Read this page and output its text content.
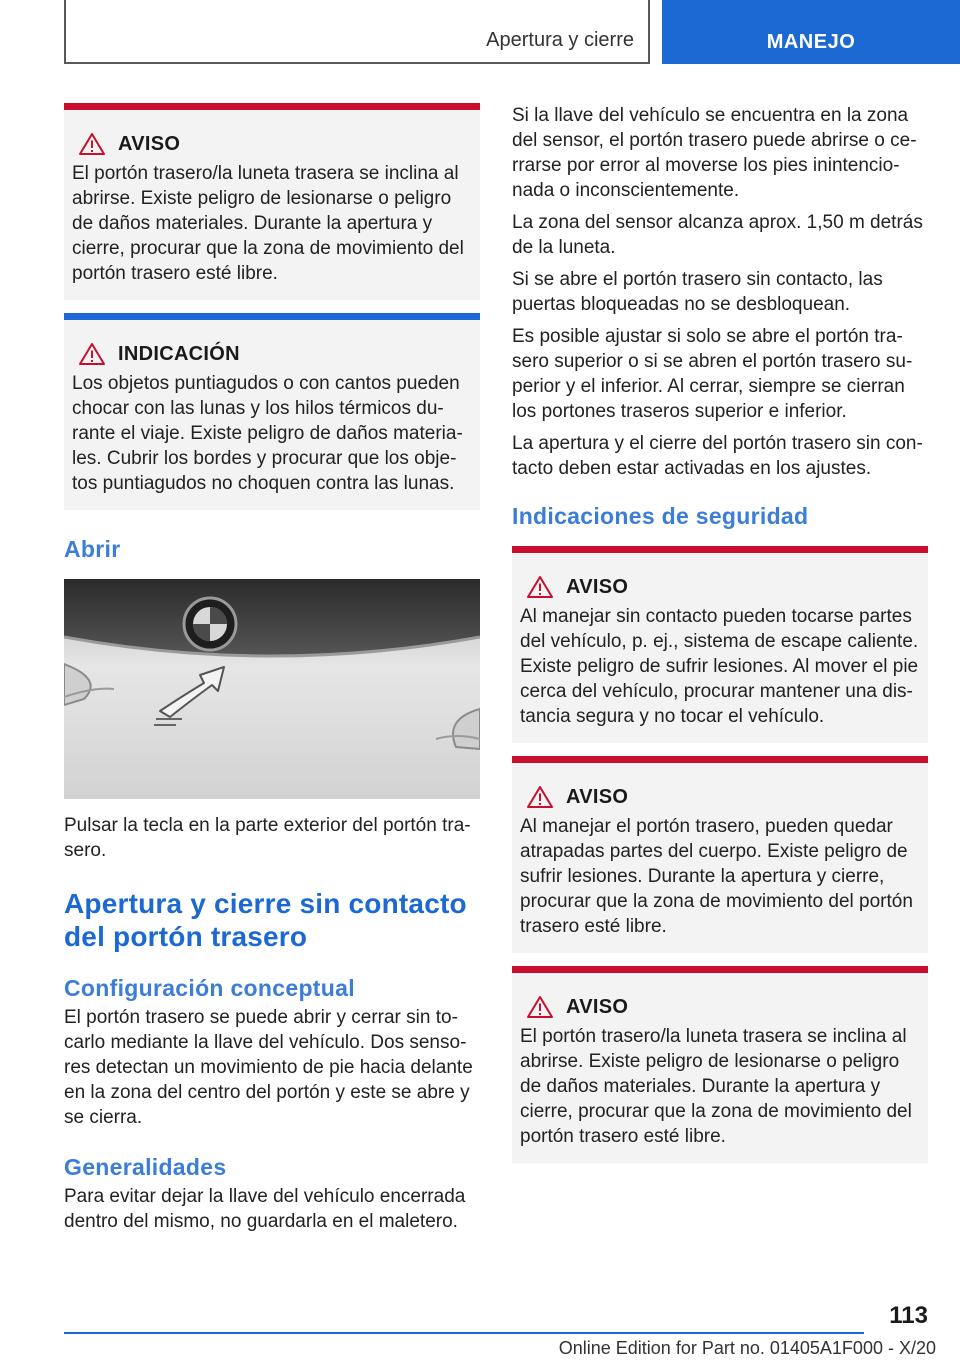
Apertura y cierre	MANEJO
AVISO
El portón trasero/la luneta trasera se inclina al abrirse. Existe peligro de lesionarse o peligro de daños materiales. Durante la apertura y cierre, procurar que la zona de movimiento del portón trasero esté libre.
INDICACIÓN
Los objetos puntiagudos o con cantos pueden chocar con las lunas y los hilos térmicos durante el viaje. Existe peligro de daños materiales. Cubrir los bordes y procurar que los objetos puntiagudos no choquen contra las lunas.
Abrir

Pulsar la tecla en la parte exterior del portón trasero.

Apertura y cierre sin contacto del portón trasero
Configuración conceptual

El portón trasero se puede abrir y cerrar sin tocarlo mediante la llave del vehículo. Dos sensores detectan un movimiento de pie hacia delante en la zona del centro del portón y este se abre y se cierra.

Generalidades

Para evitar dejar la llave del vehículo encerrada dentro del mismo, no guardarla en el maletero.

Si la llave del vehículo se encuentra en la zona del sensor, el portón trasero puede abrirse o cerrarse por error al moverse los pies inintencionada o inconscientemente.

La zona del sensor alcanza aprox. 1,50 m detrás de la luneta.

Si se abre el portón trasero sin contacto, las puertas bloqueadas no se desbloquean.

Es posible ajustar si solo se abre el portón trasero superior o si se abren el portón trasero superior y el inferior. Al cerrar, siempre se cierran los portones traseros superior e inferior.

La apertura y el cierre del portón trasero sin contacto deben estar activadas en los ajustes.

Indicaciones de seguridad
AVISO
Al manejar sin contacto pueden tocarse partes del vehículo, p. ej., sistema de escape caliente. Existe peligro de sufrir lesiones. Al mover el pie cerca del vehículo, procurar mantener una distancia segura y no tocar el vehículo.
AVISO
Al manejar el portón trasero, pueden quedar atrapadas partes del cuerpo. Existe peligro de sufrir lesiones. Durante la apertura y cierre, procurar que la zona de movimiento del portón trasero esté libre.
AVISO
El portón trasero/la luneta trasera se inclina al abrirse. Existe peligro de lesionarse o peligro de daños materiales. Durante la apertura y cierre, procurar que la zona de movimiento del portón trasero esté libre.
113
Online Edition for Part no. 01405A1F000 - X/20
